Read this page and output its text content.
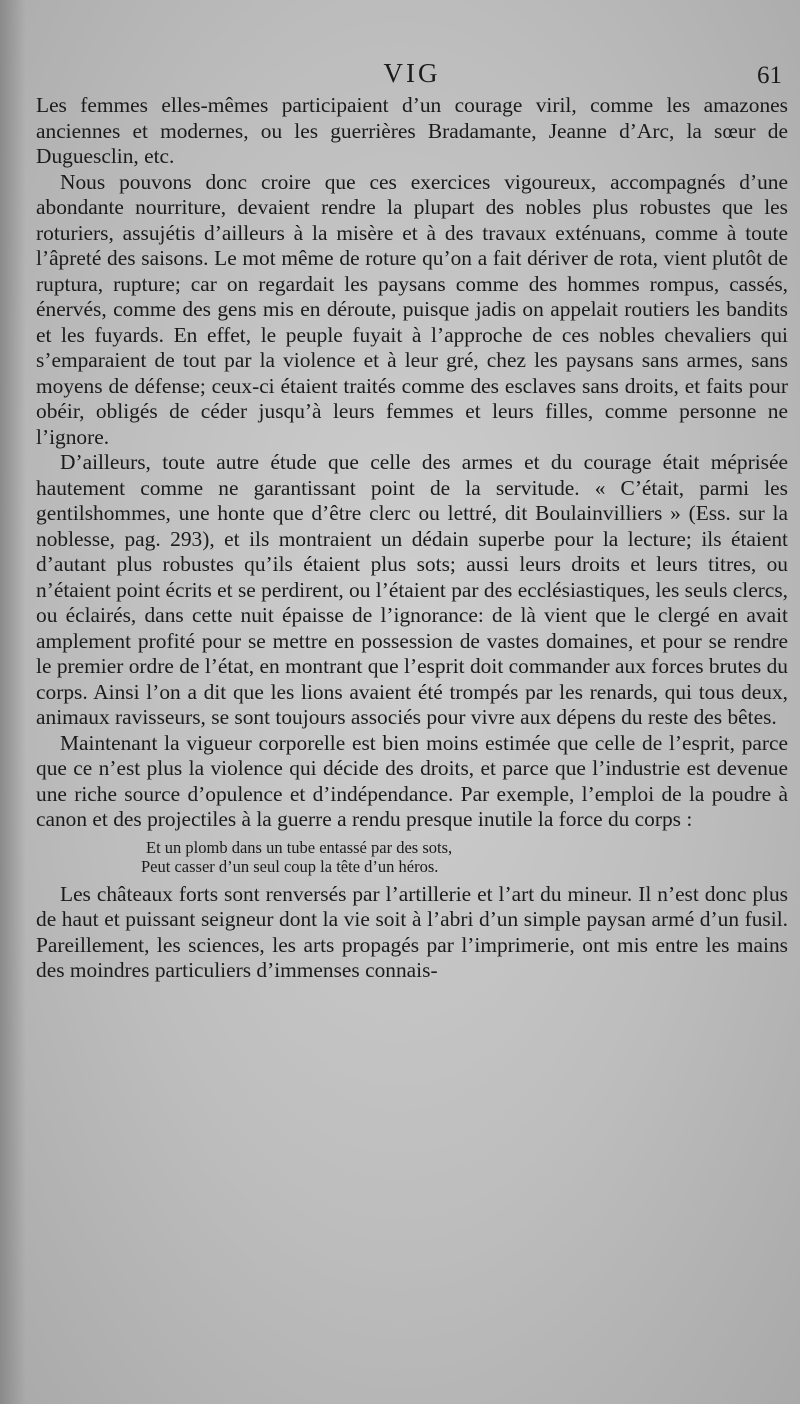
VIG	61

Les femmes elles-mêmes participaient d’un courage viril, comme les amazones anciennes et modernes, ou les guerrières Bradamante, Jeanne d’Arc, la sœur de Duguesclin, etc.

Nous pouvons donc croire que ces exercices vigoureux, accompagnés d’une abondante nourriture, devaient rendre la plupart des nobles plus robustes que les roturiers, assujétis d’ailleurs à la misère et à des travaux exténuans, comme à toute l’âpreté des saisons. Le mot même de roture qu’on a fait dériver de rota, vient plutôt de ruptura, rupture; car on regardait les paysans comme des hommes rompus, cassés, énervés, comme des gens mis en déroute, puisque jadis on appelait routiers les bandits et les fuyards. En effet, le peuple fuyait à l’approche de ces nobles chevaliers qui s’emparaient de tout par la violence et à leur gré, chez les paysans sans armes, sans moyens de défense; ceux-ci étaient traités comme des esclaves sans droits, et faits pour obéir, obligés de céder jusqu’à leurs femmes et leurs filles, comme personne ne l’ignore.

D’ailleurs, toute autre étude que celle des armes et du courage était méprisée hautement comme ne garantissant point de la servitude. « C’était, parmi les gentilshommes, une honte que d’être clerc ou lettré, dit Boulainvilliers » (Ess. sur la noblesse, pag. 293), et ils montraient un dédain superbe pour la lecture; ils étaient d’autant plus robustes qu’ils étaient plus sots; aussi leurs droits et leurs titres, ou n’étaient point écrits et se perdirent, ou l’étaient par des ecclésiastiques, les seuls clercs, ou éclairés, dans cette nuit épaisse de l’ignorance: de là vient que le clergé en avait amplement profité pour se mettre en possession de vastes domaines, et pour se rendre le premier ordre de l’état, en montrant que l’esprit doit commander aux forces brutes du corps. Ainsi l’on a dit que les lions avaient été trompés par les renards, qui tous deux, animaux ravisseurs, se sont toujours associés pour vivre aux dépens du reste des bêtes.

Maintenant la vigueur corporelle est bien moins estimée que celle de l’esprit, parce que ce n’est plus la violence qui décide des droits, et parce que l’industrie est devenue une riche source d’opulence et d’indépendance. Par exemple, l’emploi de la poudre à canon et des projectiles à la guerre a rendu presque inutile la force du corps :

Et un plomb dans un tube entassé par des sots,
Peut casser d’un seul coup la tête d’un héros.

Les châteaux forts sont renversés par l’artillerie et l’art du mineur. Il n’est donc plus de haut et puissant seigneur dont la vie soit à l’abri d’un simple paysan armé d’un fusil. Pareillement, les sciences, les arts propagés par l’imprimerie, ont mis entre les mains des moindres particuliers d’immenses connais-
